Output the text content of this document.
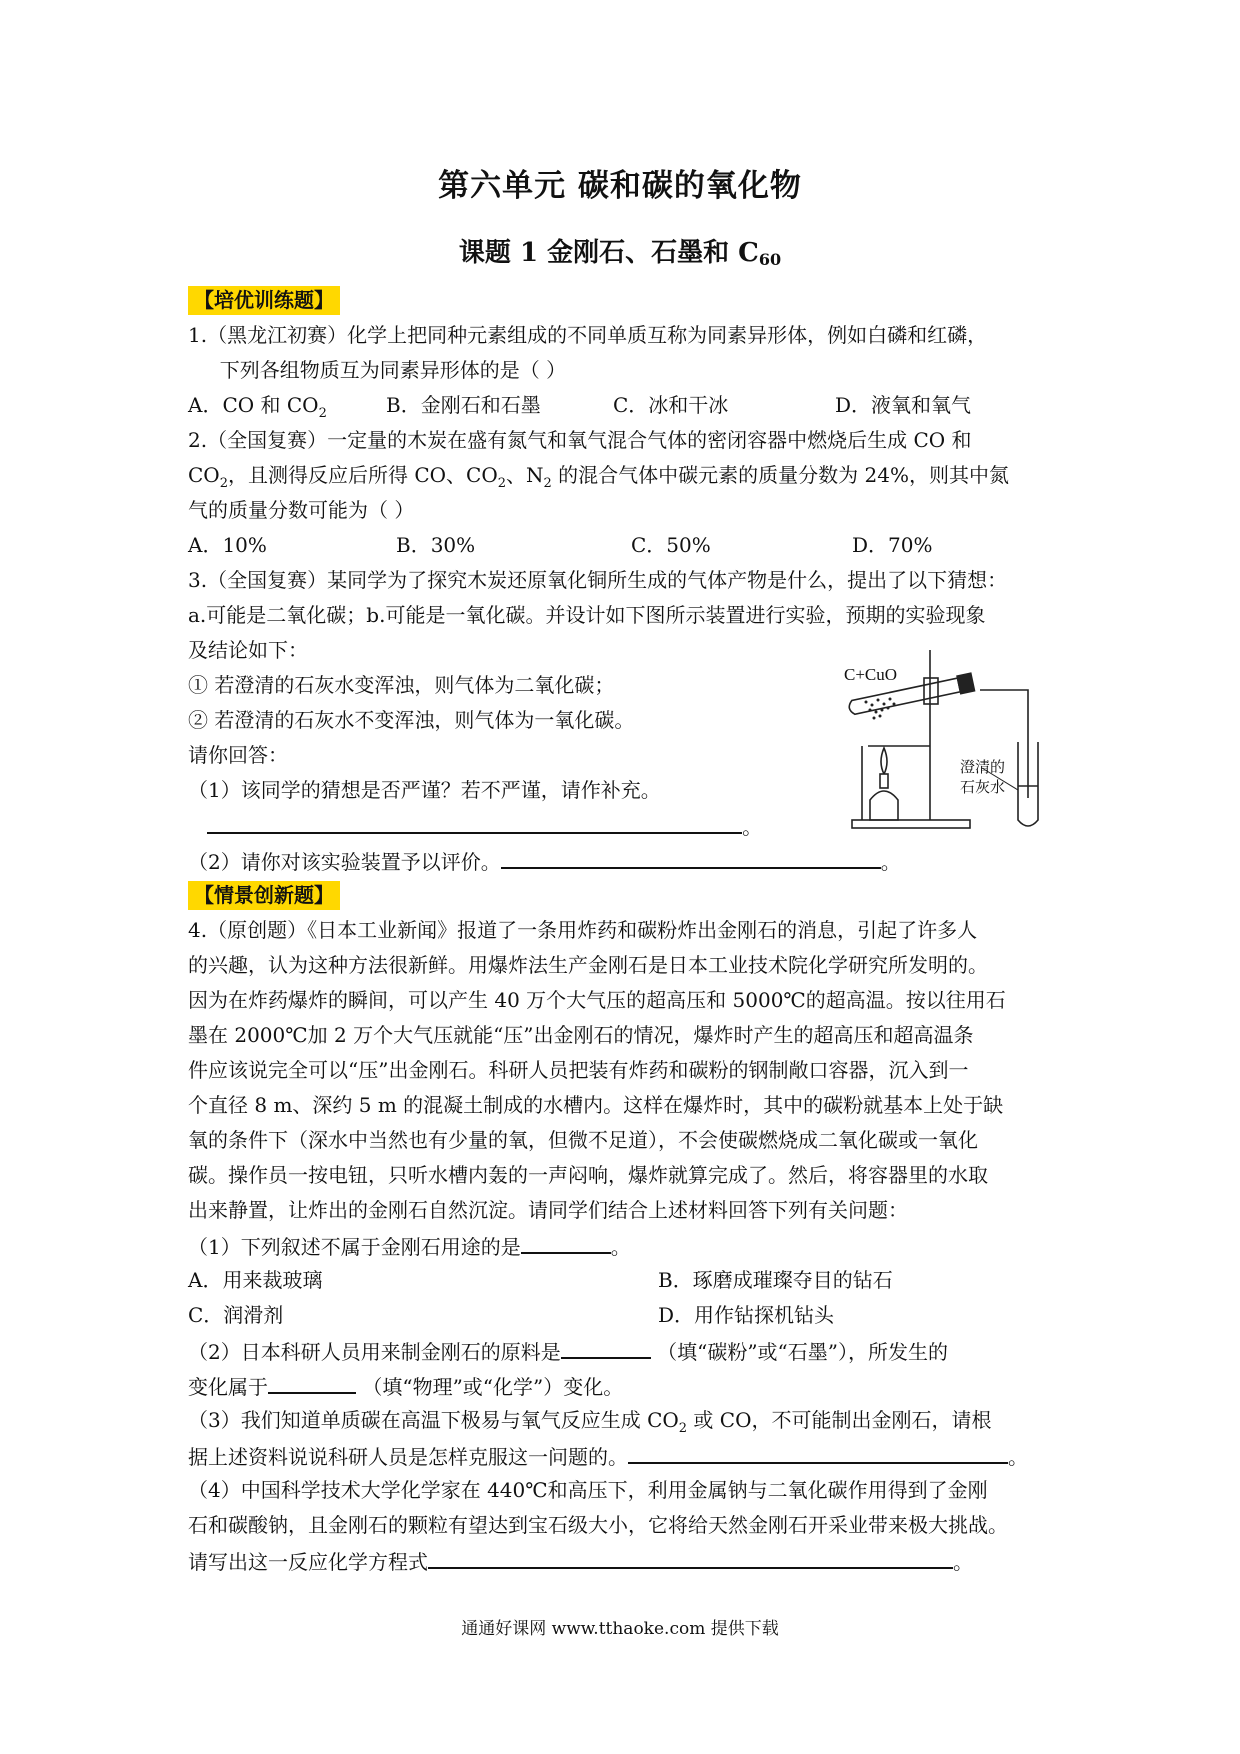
第六单元 碳和碳的氧化物
课题 1 金刚石、石墨和 $C_{60}$
【培优训练题】
1.（黑龙江初赛）化学上把同种元素组成的不同单质互称为同素异形体，例如白磷和红磷，
下列各组物质互为同素异形体的是（ ）
A．CO 和 $CO_2$	B．金刚石和石墨	C．冰和干冰	D．液氧和氧气
2.（全国复赛）一定量的木炭在盛有氮气和氧气混合气体的密闭容器中燃烧后生成 CO 和
$CO_2$，且测得反应后所得 CO、$CO_2$、$N_2$ 的混合气体中碳元素的质量分数为 24%，则其中氮
气的质量分数可能为（ ）
A．10%	B．30%	C．50%	D．70%
3.（全国复赛）某同学为了探究木炭还原氧化铜所生成的气体产物是什么，提出了以下猜想：
a.可能是二氧化碳；b.可能是一氧化碳。并设计如下图所示装置进行实验，预期的实验现象
及结论如下：
① 若澄清的石灰水变浑浊，则气体为二氧化碳；
② 若澄清的石灰水不变浑浊，则气体为一氧化碳。
请你回答：
（1）该同学的猜想是否严谨？若不严谨，请作补充。
。
（2）请你对该实验装置予以评价。	。
【情景创新题】
4.（原创题）《日本工业新闻》报道了一条用炸药和碳粉炸出金刚石的消息，引起了许多人
的兴趣，认为这种方法很新鲜。用爆炸法生产金刚石是日本工业技术院化学研究所发明的。
因为在炸药爆炸的瞬间，可以产生 40 万个大气压的超高压和 5000℃的超高温。按以往用石
墨在 2000℃加 2 万个大气压就能“压”出金刚石的情况，爆炸时产生的超高压和超高温条
件应该说完全可以“压”出金刚石。科研人员把装有炸药和碳粉的钢制敞口容器，沉入到一
个直径 8 m、深约 5 m 的混凝土制成的水槽内。这样在爆炸时，其中的碳粉就基本上处于缺
氧的条件下（深水中当然也有少量的氧，但微不足道），不会使碳燃烧成二氧化碳或一氧化
碳。操作员一按电钮，只听水槽内轰的一声闷响，爆炸就算完成了。然后，将容器里的水取
出来静置，让炸出的金刚石自然沉淀。请同学们结合上述材料回答下列有关问题：
（1）下列叙述不属于金刚石用途的是	。
A．用来裁玻璃	B．琢磨成璀璨夺目的钻石
C．润滑剂	D．用作钻探机钻头
（2）日本科研人员用来制金刚石的原料是	（填“碳粉”或“石墨”），所发生的
变化属于	（填“物理”或“化学”）变化。
（3）我们知道单质碳在高温下极易与氧气反应生成 $CO_2$ 或 CO，不可能制出金刚石，请根
据上述资料说说科研人员是怎样克服这一问题的。	。
（4）中国科学技术大学化学家在 440℃和高压下，利用金属钠与二氧化碳作用得到了金刚
石和碳酸钠，且金刚石的颗粒有望达到宝石级大小，它将给天然金刚石开采业带来极大挑战。
请写出这一反应化学方程式	。
C+CuO
澄清的
石灰水
通通好课网 www.tthaoke.com 提供下载
